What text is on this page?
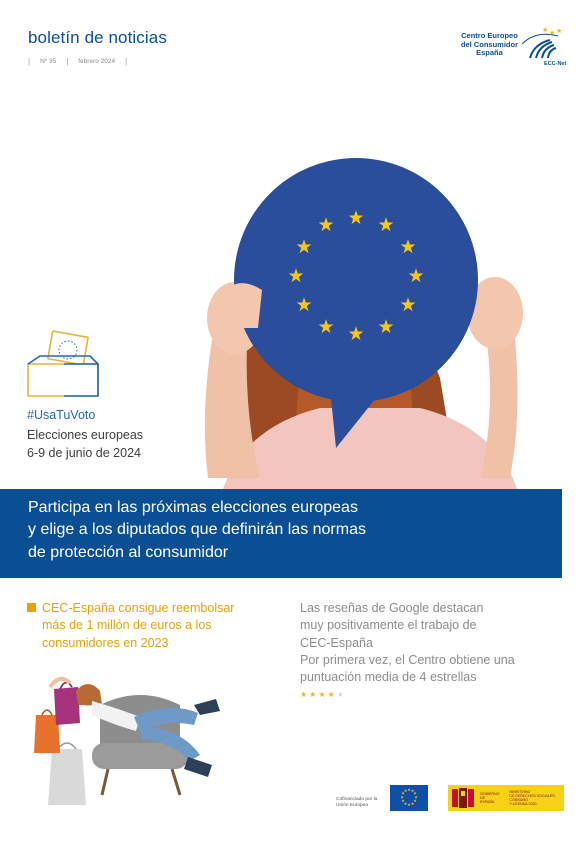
boletín de noticias
| Nº 35 | febrero 2024 |
Centro Europeo
del Consumidor
España
★ ★ ★
ECC-Net
★ ★
★
★
★
★
★
★
★
★
★
★
#UsaTuVoto
Elecciones europeas
6-9 de junio de 2024
Participa en las próximas elecciones europeas
y elige a los diputados que definirán las normas
de protección al consumidor
CEC-España consigue reembolsar
más de 1 millón de euros a los
consumidores en 2023
Las reseñas de Google destacan
muy positivamente el trabajo de
CEC-España
Por primera vez, el Centro obtiene una
puntuación media de 4 estrellas
★★★★★
Cofinanciado por la
Unión Europea
★ ★
★
★
★
★
★
★
★
★
★
★
GOBIERNO
DE ESPAÑA
MINISTERIO
DE DERECHOS SOCIALES, CONSUMO
Y AGENDA 2030
